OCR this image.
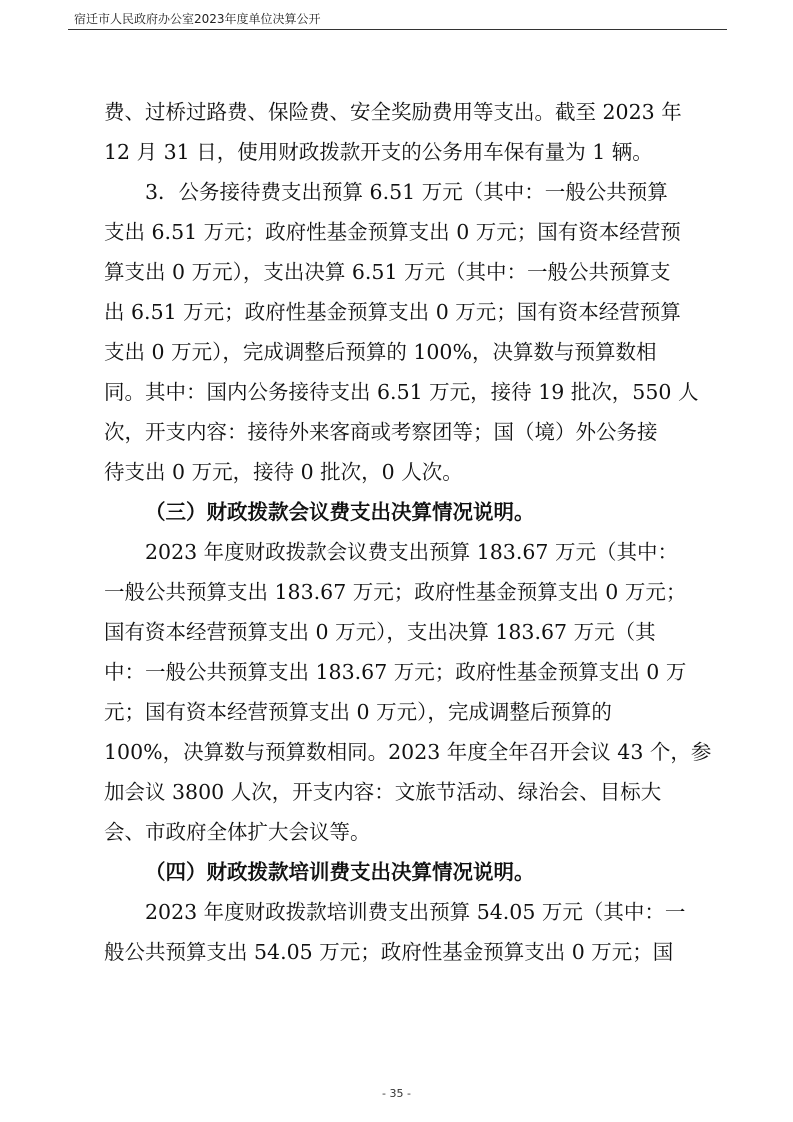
宿迁市人民政府办公室2023年度单位决算公开
费、过桥过路费、保险费、安全奖励费用等支出。截至 2023 年
12 月 31 日，使用财政拨款开支的公务用车保有量为 1 辆。
3．公务接待费支出预算 6.51 万元（其中：一般公共预算
支出 6.51 万元；政府性基金预算支出 0 万元；国有资本经营预
算支出 0 万元），支出决算 6.51 万元（其中：一般公共预算支
出 6.51 万元；政府性基金预算支出 0 万元；国有资本经营预算
支出 0 万元），完成调整后预算的 100%，决算数与预算数相
同。其中：国内公务接待支出 6.51 万元，接待 19 批次，550 人
次，开支内容：接待外来客商或考察团等；国（境）外公务接
待支出 0 万元，接待 0 批次，0 人次。
（三）财政拨款会议费支出决算情况说明。
2023 年度财政拨款会议费支出预算 183.67 万元（其中：
一般公共预算支出 183.67 万元；政府性基金预算支出 0 万元；
国有资本经营预算支出 0 万元），支出决算 183.67 万元（其
中：一般公共预算支出 183.67 万元；政府性基金预算支出 0 万
元；国有资本经营预算支出 0 万元），完成调整后预算的
100%，决算数与预算数相同。2023 年度全年召开会议 43 个，参
加会议 3800 人次，开支内容：文旅节活动、绿治会、目标大
会、市政府全体扩大会议等。
（四）财政拨款培训费支出决算情况说明。
2023 年度财政拨款培训费支出预算 54.05 万元（其中：一
般公共预算支出 54.05 万元；政府性基金预算支出 0 万元；国
- 35 -
